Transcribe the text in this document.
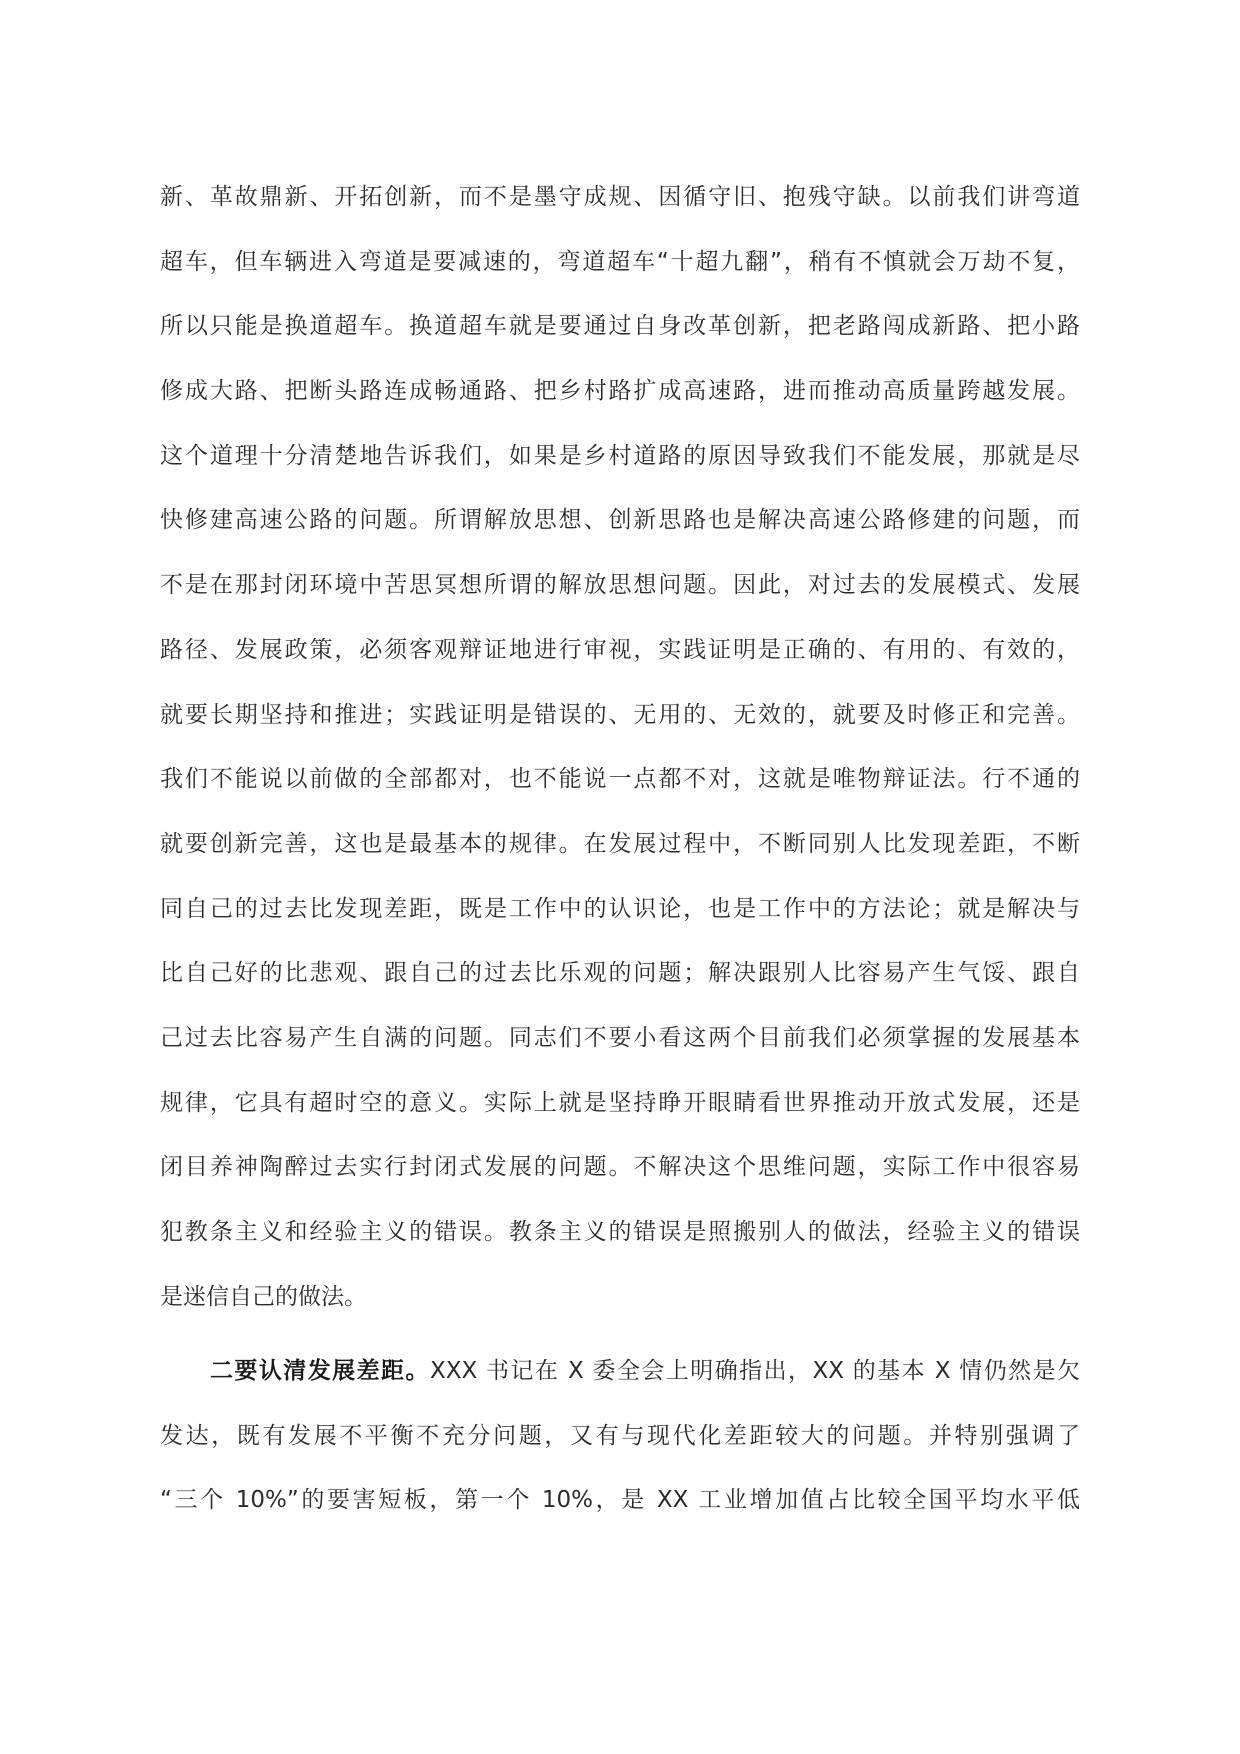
新、革故鼎新、开拓创新，而不是墨守成规、因循守旧、抱残守缺。以前我们讲弯道
超车，但车辆进入弯道是要减速的，弯道超车“十超九翻”，稍有不慎就会万劫不复，
所以只能是换道超车。换道超车就是要通过自身改革创新，把老路闯成新路、把小路
修成大路、把断头路连成畅通路、把乡村路扩成高速路，进而推动高质量跨越发展。
这个道理十分清楚地告诉我们，如果是乡村道路的原因导致我们不能发展，那就是尽
快修建高速公路的问题。所谓解放思想、创新思路也是解决高速公路修建的问题，而
不是在那封闭环境中苦思冥想所谓的解放思想问题。因此，对过去的发展模式、发展
路径、发展政策，必须客观辩证地进行审视，实践证明是正确的、有用的、有效的，
就要长期坚持和推进；实践证明是错误的、无用的、无效的，就要及时修正和完善。
我们不能说以前做的全部都对，也不能说一点都不对，这就是唯物辩证法。行不通的
就要创新完善，这也是最基本的规律。在发展过程中，不断同别人比发现差距，不断
同自己的过去比发现差距，既是工作中的认识论，也是工作中的方法论；就是解决与
比自己好的比悲观、跟自己的过去比乐观的问题；解决跟别人比容易产生气馁、跟自
己过去比容易产生自满的问题。同志们不要小看这两个目前我们必须掌握的发展基本
规律，它具有超时空的意义。实际上就是坚持睁开眼睛看世界推动开放式发展，还是
闭目养神陶醉过去实行封闭式发展的问题。不解决这个思维问题，实际工作中很容易
犯教条主义和经验主义的错误。教条主义的错误是照搬别人的做法，经验主义的错误
是迷信自己的做法。
二要认清发展差距。XXX 书记在 X 委全会上明确指出，XX 的基本 X 情仍然是欠
发达，既有发展不平衡不充分问题，又有与现代化差距较大的问题。并特别强调了
“三个 10%”的要害短板，第一个 10%，是 XX 工业增加值占比较全国平均水平低
